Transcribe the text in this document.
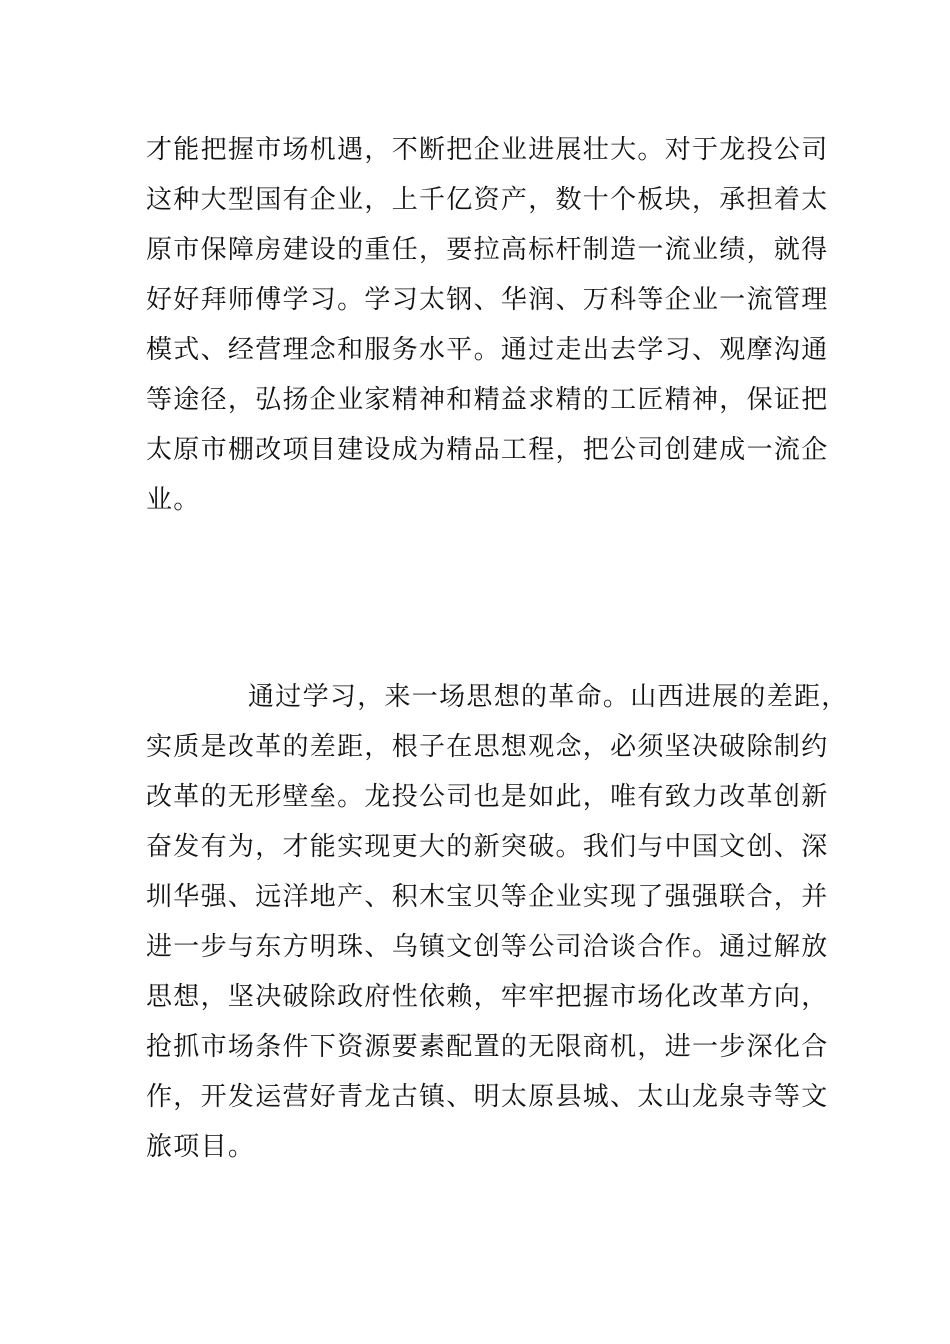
才能把握市场机遇，不断把企业进展壮大。对于龙投公司
这种大型国有企业，上千亿资产，数十个板块，承担着太
原市保障房建设的重任，要拉高标杆制造一流业绩，就得
好好拜师傅学习。学习太钢、华润、万科等企业一流管理
模式、经营理念和服务水平。通过走出去学习、观摩沟通
等途径，弘扬企业家精神和精益求精的工匠精神，保证把
太原市棚改项目建设成为精品工程，把公司创建成一流企
业。
通过学习，来一场思想的革命。山西进展的差距，
实质是改革的差距，根子在思想观念，必须坚决破除制约
改革的无形壁垒。龙投公司也是如此，唯有致力改革创新
奋发有为，才能实现更大的新突破。我们与中国文创、深
圳华强、远洋地产、积木宝贝等企业实现了强强联合，并
进一步与东方明珠、乌镇文创等公司洽谈合作。通过解放
思想，坚决破除政府性依赖，牢牢把握市场化改革方向，
抢抓市场条件下资源要素配置的无限商机，进一步深化合
作，开发运营好青龙古镇、明太原县城、太山龙泉寺等文
旅项目。
